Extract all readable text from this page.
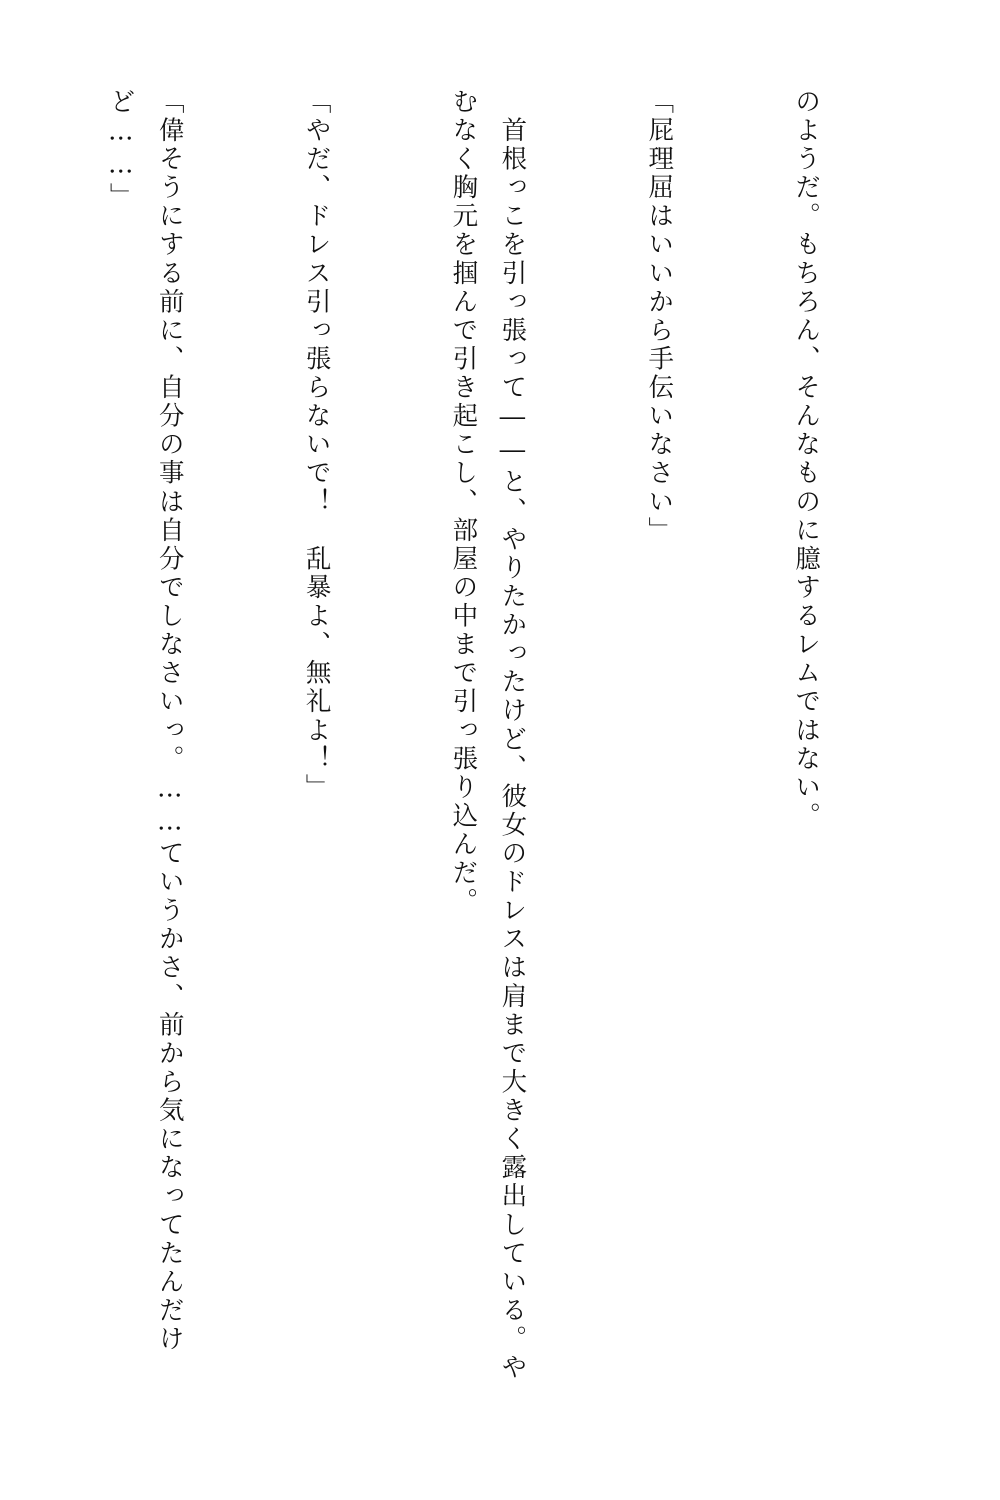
のようだ。もちろん、そんなものに臆するレムではない。

「屁理屈はいいから手伝いなさい」

　首根っこを引っ張って――と、やりたかったけど、彼女のドレスは肩まで大きく露出している。やむなく胸元を掴んで引き起こし、部屋の中まで引っ張り込んだ。

「やだ、ドレス引っ張らないで！　乱暴よ、無礼よ！」

「偉そうにする前に、自分の事は自分でしなさいっ。……ていうかさ、前から気になってたんだけど……」
